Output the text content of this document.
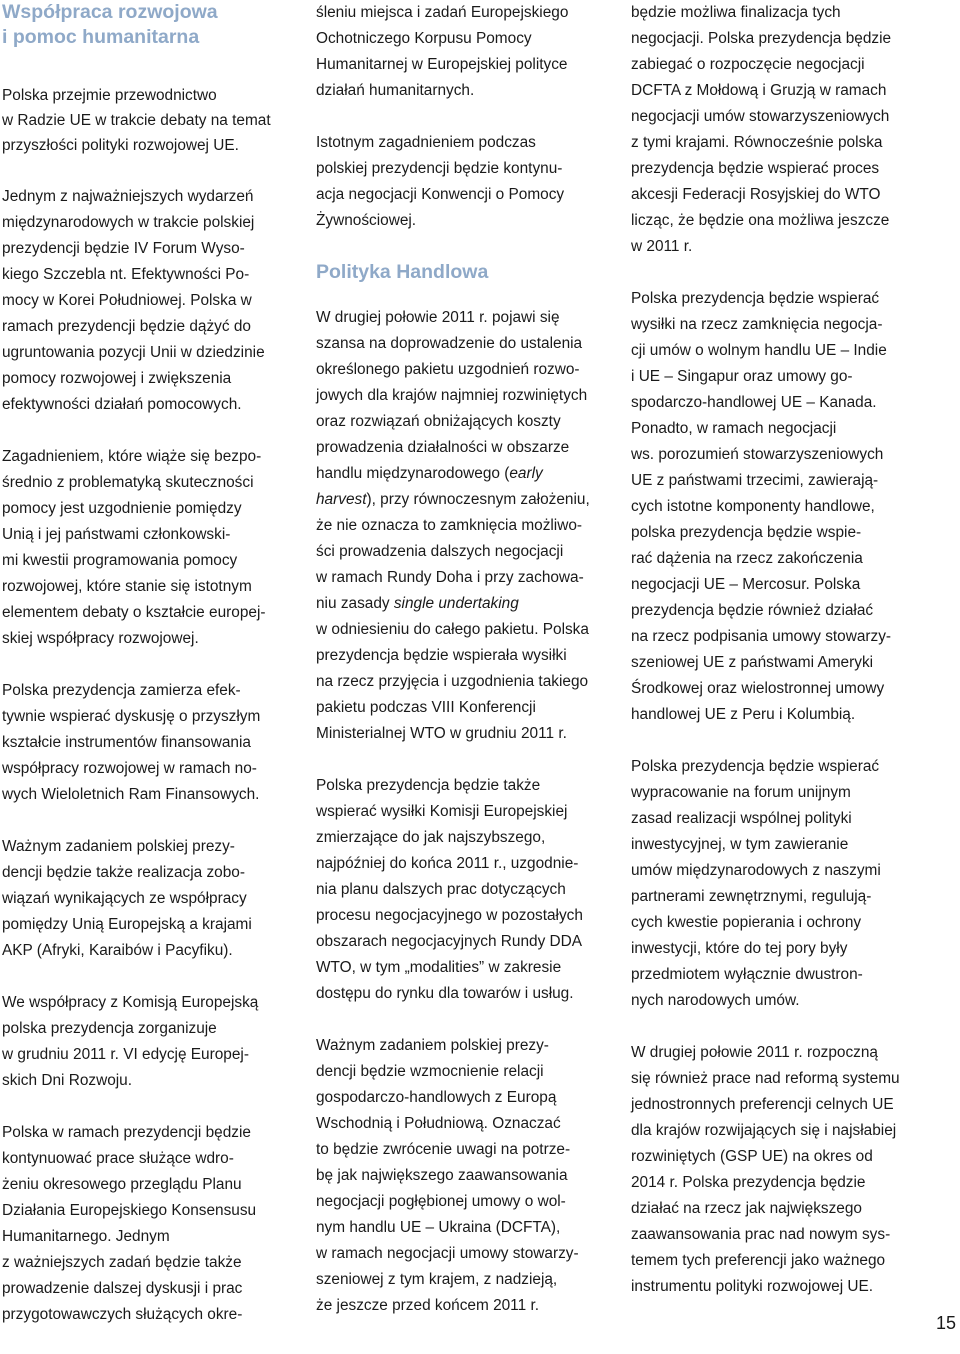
Współpraca rozwojowa
i pomoc humanitarna

Polska przejmie przewodnictwo
w Radzie UE w trakcie debaty na temat
przyszłości polityki rozwojowej UE.

Jednym z najważniejszych wydarzeń
międzynarodowych w trakcie polskiej
prezydencji będzie IV Forum Wyso-
kiego Szczebla nt. Efektywności Po-
mocy w Korei Południowej. Polska w
ramach prezydencji będzie dążyć do
ugruntowania pozycji Unii w dziedzinie
pomocy rozwojowej i zwiększenia
efektywności działań pomocowych.

Zagadnieniem, które wiąże się bezpo-
średnio z problematyką skuteczności
pomocy jest uzgodnienie pomiędzy
Unią i jej państwami członkowski-
mi kwestii programowania pomocy
rozwojowej, które stanie się istotnym
elementem debaty o kształcie europej-
skiej współpracy rozwojowej.

Polska prezydencja zamierza efek-
tywnie wspierać dyskusję o przyszłym
kształcie instrumentów finansowania
współpracy rozwojowej w ramach no-
wych Wieloletnich Ram Finansowych.

Ważnym zadaniem polskiej prezy-
dencji będzie także realizacja zobo-
wiązań wynikających ze współpracy
pomiędzy Unią Europejską a krajami
AKP (Afryki, Karaibów i Pacyfiku).

We współpracy z Komisją Europejską
polska prezydencja zorganizuje
w grudniu 2011 r. VI edycję Europej-
skich Dni Rozwoju.

Polska w ramach prezydencji będzie
kontynuować prace służące wdro-
żeniu okresowego przeglądu Planu
Działania Europejskiego Konsensusu
Humanitarnego. Jednym
z ważniejszych zadań będzie także
prowadzenie dalszej dyskusji i prac
przygotowawczych służących okre-

śleniu miejsca i zadań Europejskiego
Ochotniczego Korpusu Pomocy
Humanitarnej w Europejskiej polityce
działań humanitarnych.

Istotnym zagadnieniem podczas
polskiej prezydencji będzie kontynu-
acja negocjacji Konwencji o Pomocy
Żywnościowej.

Polityka Handlowa

W drugiej połowie 2011 r. pojawi się
szansa na doprowadzenie do ustalenia
określonego pakietu uzgodnień rozwo-
jowych dla krajów najmniej rozwiniętych
oraz rozwiązań obniżających koszty
prowadzenia działalności w obszarze
handlu międzynarodowego (early
harvest), przy równoczesnym założeniu,
że nie oznacza to zamknięcia możliwo-
ści prowadzenia dalszych negocjacji
w ramach Rundy Doha i przy zachowa-
niu zasady single undertaking
w odniesieniu do całego pakietu. Polska
prezydencja będzie wspierała wysiłki
na rzecz przyjęcia i uzgodnienia takiego
pakietu podczas VIII Konferencji
Ministerialnej WTO w grudniu 2011 r.

Polska prezydencja będzie także
wspierać wysiłki Komisji Europejskiej
zmierzające do jak najszybszego,
najpóźniej do końca 2011 r., uzgodnie-
nia planu dalszych prac dotyczących
procesu negocjacyjnego w pozostałych
obszarach negocjacyjnych Rundy DDA
WTO, w tym „modalities” w zakresie
dostępu do rynku dla towarów i usług.

Ważnym zadaniem polskiej prezy-
dencji będzie wzmocnienie relacji
gospodarczo-handlowych z Europą
Wschodnią i Południową. Oznaczać
to będzie zwrócenie uwagi na potrze-
bę jak największego zaawansowania
negocjacji pogłębionej umowy o wol-
nym handlu UE – Ukraina (DCFTA),
w ramach negocjacji umowy stowarzy-
szeniowej z tym krajem, z nadzieją,
że jeszcze przed końcem 2011 r.

będzie możliwa finalizacja tych
negocjacji. Polska prezydencja będzie
zabiegać o rozpoczęcie negocjacji
DCFTA z Mołdową i Gruzją w ramach
negocjacji umów stowarzyszeniowych
z tymi krajami. Równocześnie polska
prezydencja będzie wspierać proces
akcesji Federacji Rosyjskiej do WTO
licząc, że będzie ona możliwa jeszcze
w 2011 r.

Polska prezydencja będzie wspierać
wysiłki na rzecz zamknięcia negocja-
cji umów o wolnym handlu UE – Indie
i UE – Singapur oraz umowy go-
spodarczo-handlowej UE – Kanada.
Ponadto, w ramach negocjacji
ws. porozumień stowarzyszeniowych
UE z państwami trzecimi, zawierają-
cych istotne komponenty handlowe,
polska prezydencja będzie wspie-
rać dążenia na rzecz zakończenia
negocjacji UE – Mercosur. Polska
prezydencja będzie również działać
na rzecz podpisania umowy stowarzy-
szeniowej UE z państwami Ameryki
Środkowej oraz wielostronnej umowy
handlowej UE z Peru i Kolumbią.

Polska prezydencja będzie wspierać
wypracowanie na forum unijnym
zasad realizacji wspólnej polityki
inwestycyjnej, w tym zawieranie
umów międzynarodowych z naszymi
partnerami zewnętrznymi, regulują-
cych kwestie popierania i ochrony
inwestycji, które do tej pory były
przedmiotem wyłącznie dwustron-
nych narodowych umów.

W drugiej połowie 2011 r. rozpoczną
się również prace nad reformą systemu
jednostronnych preferencji celnych UE
dla krajów rozwijających się i najsłabiej
rozwiniętych (GSP UE) na okres od
2014 r. Polska prezydencja będzie
działać na rzecz jak największego
zaawansowania prac nad nowym sys-
temem tych preferencji jako ważnego
instrumentu polityki rozwojowej UE.

15
